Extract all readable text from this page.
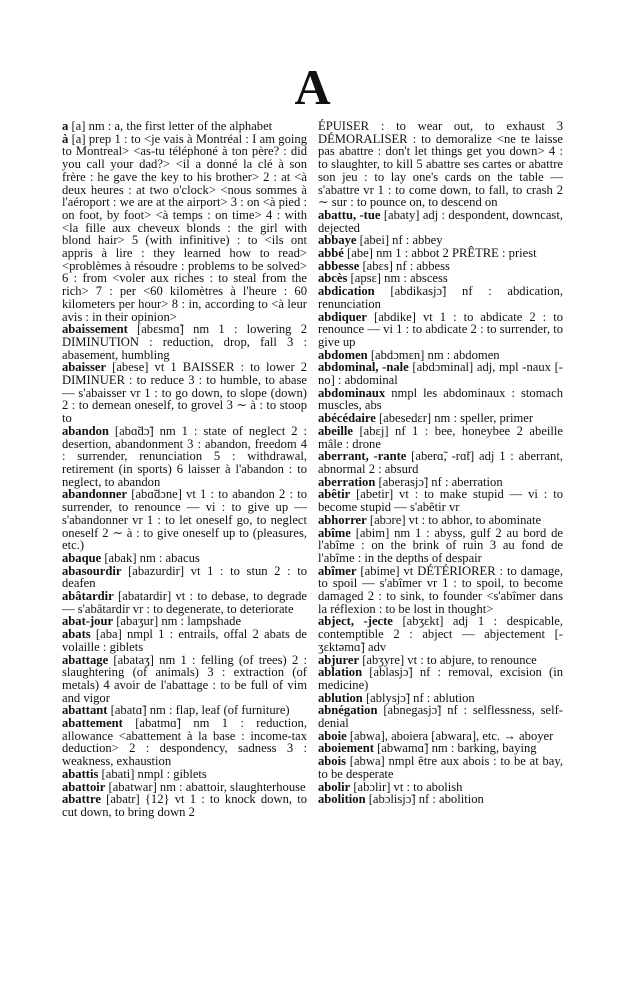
A
a [a] nm : a, the first letter of the alphabet
à [a] prep 1 : to <je vais à Montréal : I am going to Montreal> <as-tu téléphoné à ton père? : did you call your dad?> <il a donné la clé à son frère : he gave the key to his brother> 2 : at <à deux heures : at two o'clock> <nous sommes à l'aéroport : we are at the airport> 3 : on <à pied : on foot, by foot> <à temps : on time> 4 : with <la fille aux cheveux blonds : the girl with blond hair> 5 (with infinitive) : to <ils ont appris à lire : they learned how to read> <problèmes à résoudre : problems to be solved> 6 : from <voler aux riches : to steal from the rich> 7 : per <60 kilomètres à l'heure : 60 kilometers per hour> 8 : in, according to <à leur avis : in their opinion>
abaissement [abɛsmɑ̃] nm 1 : lowering 2 DIMINUTION : reduction, drop, fall 3 : abasement, humbling
abaisser [abese] vt 1 BAISSER : to lower 2 DIMINUER : to reduce 3 : to humble, to abase — s'abaisser vr 1 : to go down, to slope (down) 2 : to demean oneself, to grovel 3 ∼ à : to stoop to
abandon [abɑ̃dɔ̃] nm 1 : state of neglect 2 : desertion, abandonment 3 : abandon, freedom 4 : surrender, renunciation 5 : withdrawal, retirement (in sports) 6 laisser à l'abandon : to neglect, to abandon
abandonner [abɑ̃dɔne] vt 1 : to abandon 2 : to surrender, to renounce — vi : to give up — s'abandonner vr 1 : to let oneself go, to neglect oneself 2 ∼ à : to give oneself up to (pleasures, etc.)
abaque [abak] nm : abacus
abasourdir [abazurdir] vt 1 : to stun 2 : to deafen
abâtardir [abatardir] vt : to debase, to degrade — s'abâtardir vr : to degenerate, to deteriorate
abat-jour [abaʒur] nm : lampshade
abats [aba] nmpl 1 : entrails, offal 2 abats de volaille : giblets
abattage [abataʒ] nm 1 : felling (of trees) 2 : slaughtering (of animals) 3 : extraction (of metals) 4 avoir de l'abattage : to be full of vim and vigor
abattant [abatɑ̃] nm : flap, leaf (of furniture)
abattement [abatmɑ̃] nm 1 : reduction, allowance <abattement à la base : income-tax deduction> 2 : despondency, sadness 3 : weakness, exhaustion
abattis [abati] nmpl : giblets
abattoir [abatwar] nm : abattoir, slaughterhouse
abattre [abatr] {12} vt 1 : to knock down, to cut down, to bring down 2
ÉPUISER : to wear out, to exhaust 3 DÉMORALISER : to demoralize <ne te laisse pas abattre : don't let things get you down> 4 : to slaughter, to kill 5 abattre ses cartes or abattre son jeu : to lay one's cards on the table — s'abattre vr 1 : to come down, to fall, to crash 2 ∼ sur : to pounce on, to descend on
abattu, -tue [abaty] adj : despondent, downcast, dejected
abbaye [abei] nf : abbey
abbé [abe] nm 1 : abbot 2 PRÊTRE : priest
abbesse [abɛs] nf : abbess
abcès [apsɛ] nm : abscess
abdication [abdikasjɔ̃] nf : abdication, renunciation
abdiquer [abdike] vt 1 : to abdicate 2 : to renounce — vi 1 : to abdicate 2 : to surrender, to give up
abdomen [abdɔmɛn] nm : abdomen
abdominal, -nale [abdɔminal] adj, mpl -naux [-no] : abdominal
abdominaux nmpl les abdominaux : stomach muscles, abs
abécédaire [abesedɛr] nm : speller, primer
abeille [abɛj] nf 1 : bee, honeybee 2 abeille mâle : drone
aberrant, -rante [aberɑ̃, -rɑ̃t] adj 1 : aberrant, abnormal 2 : absurd
aberration [aberasjɔ̃] nf : aberration
abêtir [abetir] vt : to make stupid — vi : to become stupid — s'abêtir vr
abhorrer [abɔre] vt : to abhor, to abominate
abîme [abim] nm 1 : abyss, gulf 2 au bord de l'abîme : on the brink of ruin 3 au fond de l'abîme : in the depths of despair
abîmer [abime] vt DÉTÉRIORER : to damage, to spoil — s'abîmer vr 1 : to spoil, to become damaged 2 : to sink, to founder <s'abîmer dans la réflexion : to be lost in thought>
abject, -jecte [abʒɛkt] adj 1 : despicable, contemptible 2 : abject — abjectement [-ʒɛktəmɑ̃] adv
abjurer [abʒyre] vt : to abjure, to renounce
ablation [ablasjɔ̃] nf : removal, excision (in medicine)
ablution [ablysjɔ̃] nf : ablution
abnégation [abnegasjɔ̃] nf : selflessness, self-denial
aboie [abwa], aboiera [abwara], etc. → aboyer
aboiement [abwamɑ̃] nm : barking, baying
abois [abwa] nmpl être aux abois : to be at bay, to be desperate
abolir [abɔlir] vt : to abolish
abolition [abɔlisjɔ̃] nf : abolition
